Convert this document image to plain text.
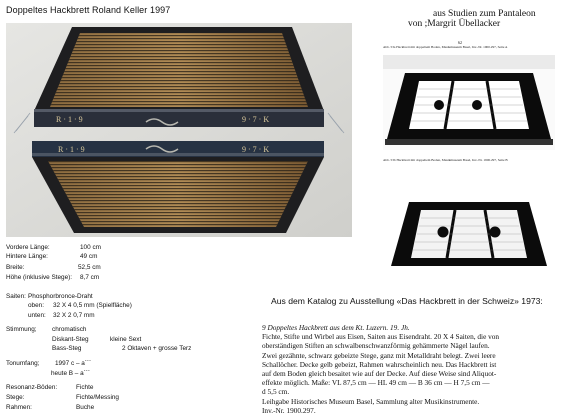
Doppeltes Hackbrett Roland Keller 1997	aus Studien zum Pantaleon
von ;Margrit Übellacker
R · 1 · 9	9 · 7 · K
R · 1 · 9	9 · 7 · K
62
Abb. 53a Hackbrett mit doppeltem Boden, Musikmuseum Basel, Inv.-Nr. 1900.297, Seite A
Abb. 53b Hackbrett mit doppeltem Boden, Musikmuseum Basel, Inv.-Nr. 1900.297, Seite B
Vordere Länge:	100 cm
Hintere Länge:	49 cm
Breite:	52,5 cm
Höhe (inklusive Stege): 8,7 cm
Saiten: Phosphorbronce-Draht
oben: 32 X 4 0,5 mm (Spielfläche)
unten: 32 X 2 0,7 mm
Stimmung; chromatisch
Diskant-Steg	kleine Sext
Bass-Steg	2 Oktaven + grosse Terz
Tonumfang; 1997 c – a´´´
heute B – a´´´
Resonanz-Böden:	Fichte
Stege:	Fichte/Messing
Rahmen:	Buche
Aus dem Katalog zu Ausstellung «Das Hackbrett in der Schweiz» 1973:

9 Doppeltes Hackbrett aus dem Kt. Luzern. 19. Jh.

Fichte, Stifte und Wirbel aus Eisen, Saiten aus Eisendraht. 20 X 4 Saiten, die von

oberständigen Stiften an schwalbenschwanzförmig gehämmerte Nägel laufen.

Zwei gezähnte, schwarz gebeizte Stege, ganz mit Metalldraht belegt. Zwei leere

Schallöcher. Decke gelb gebeizt, Rahmen wahrscheinlich neu. Das Hackbrett ist

auf dem Boden gleich besaitet wie auf der Decke. Auf diese Weise sind Aliquot-

effekte möglich. Maße: VL 87,5 cm — HL 49 cm — B 36 cm — H 7,5 cm —

d 5,5 cm.

Leihgabe Historisches Museum Basel, Sammlung alter Musikinstrumente.

Inv.-Nr. 1900.297.
